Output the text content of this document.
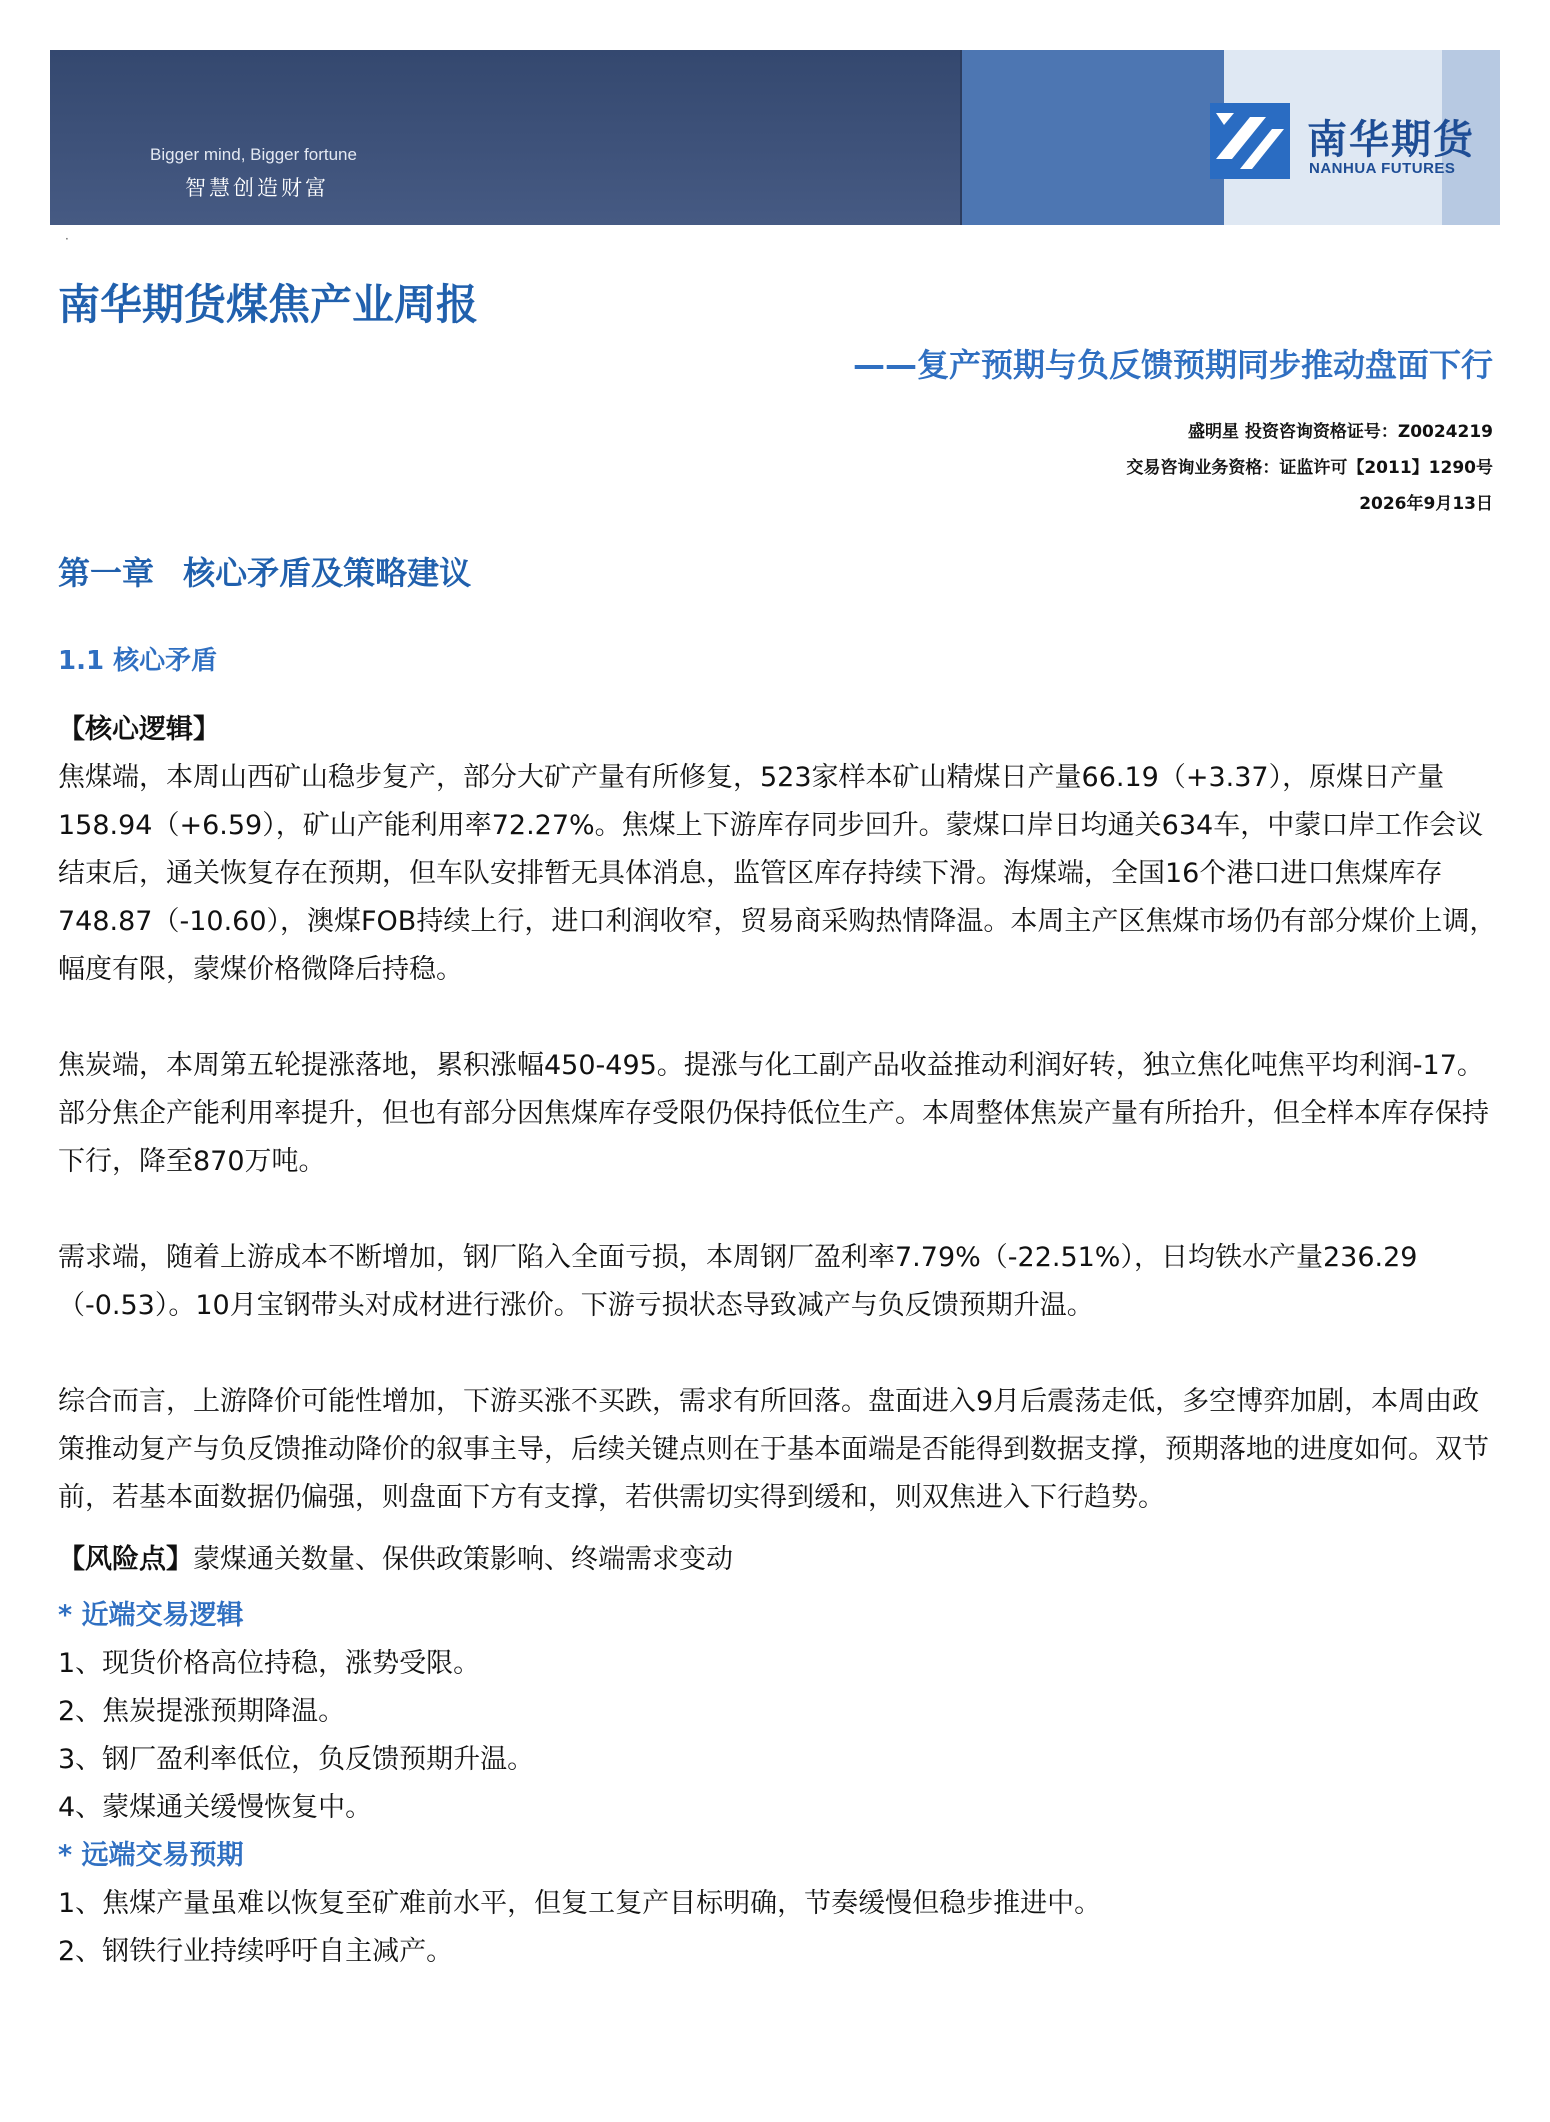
Bigger mind, Bigger fortune
智慧创造财富
南华期货
NANHUA FUTURES
·
南华期货煤焦产业周报
——复产预期与负反馈预期同步推动盘面下行
盛明星 投资咨询资格证号：Z0024219
交易咨询业务资格：证监许可【2011】1290号
2026年9月13日
第一章 核心矛盾及策略建议
1.1 核心矛盾

【核心逻辑】

焦煤端，本周山西矿山稳步复产，部分大矿产量有所修复，523家样本矿山精煤日产量66.19（+3.37），原煤日产量158.94（+6.59），矿山产能利用率72.27%。焦煤上下游库存同步回升。蒙煤口岸日均通关634车，中蒙口岸工作会议结束后，通关恢复存在预期，但车队安排暂无具体消息，监管区库存持续下滑。海煤端，全国16个港口进口焦煤库存748.87（-10.60），澳煤FOB持续上行，进口利润收窄，贸易商采购热情降温。本周主产区焦煤市场仍有部分煤价上调，幅度有限，蒙煤价格微降后持稳。

焦炭端，本周第五轮提涨落地，累积涨幅450-495。提涨与化工副产品收益推动利润好转，独立焦化吨焦平均利润-17。部分焦企产能利用率提升，但也有部分因焦煤库存受限仍保持低位生产。本周整体焦炭产量有所抬升，但全样本库存保持下行，降至870万吨。

需求端，随着上游成本不断增加，钢厂陷入全面亏损，本周钢厂盈利率7.79%（-22.51%），日均铁水产量236.29（-0.53）。10月宝钢带头对成材进行涨价。下游亏损状态导致减产与负反馈预期升温。

综合而言，上游降价可能性增加，下游买涨不买跌，需求有所回落。盘面进入9月后震荡走低，多空博弈加剧，本周由政策推动复产与负反馈推动降价的叙事主导，后续关键点则在于基本面端是否能得到数据支撑，预期落地的进度如何。双节前，若基本面数据仍偏强，则盘面下方有支撑，若供需切实得到缓和，则双焦进入下行趋势。

【风险点】蒙煤通关数量、保供政策影响、终端需求变动

* 近端交易逻辑

1、现货价格高位持稳，涨势受限。

2、焦炭提涨预期降温。

3、钢厂盈利率低位，负反馈预期升温。

4、蒙煤通关缓慢恢复中。

* 远端交易预期

1、焦煤产量虽难以恢复至矿难前水平，但复工复产目标明确，节奏缓慢但稳步推进中。

2、钢铁行业持续呼吁自主减产。
